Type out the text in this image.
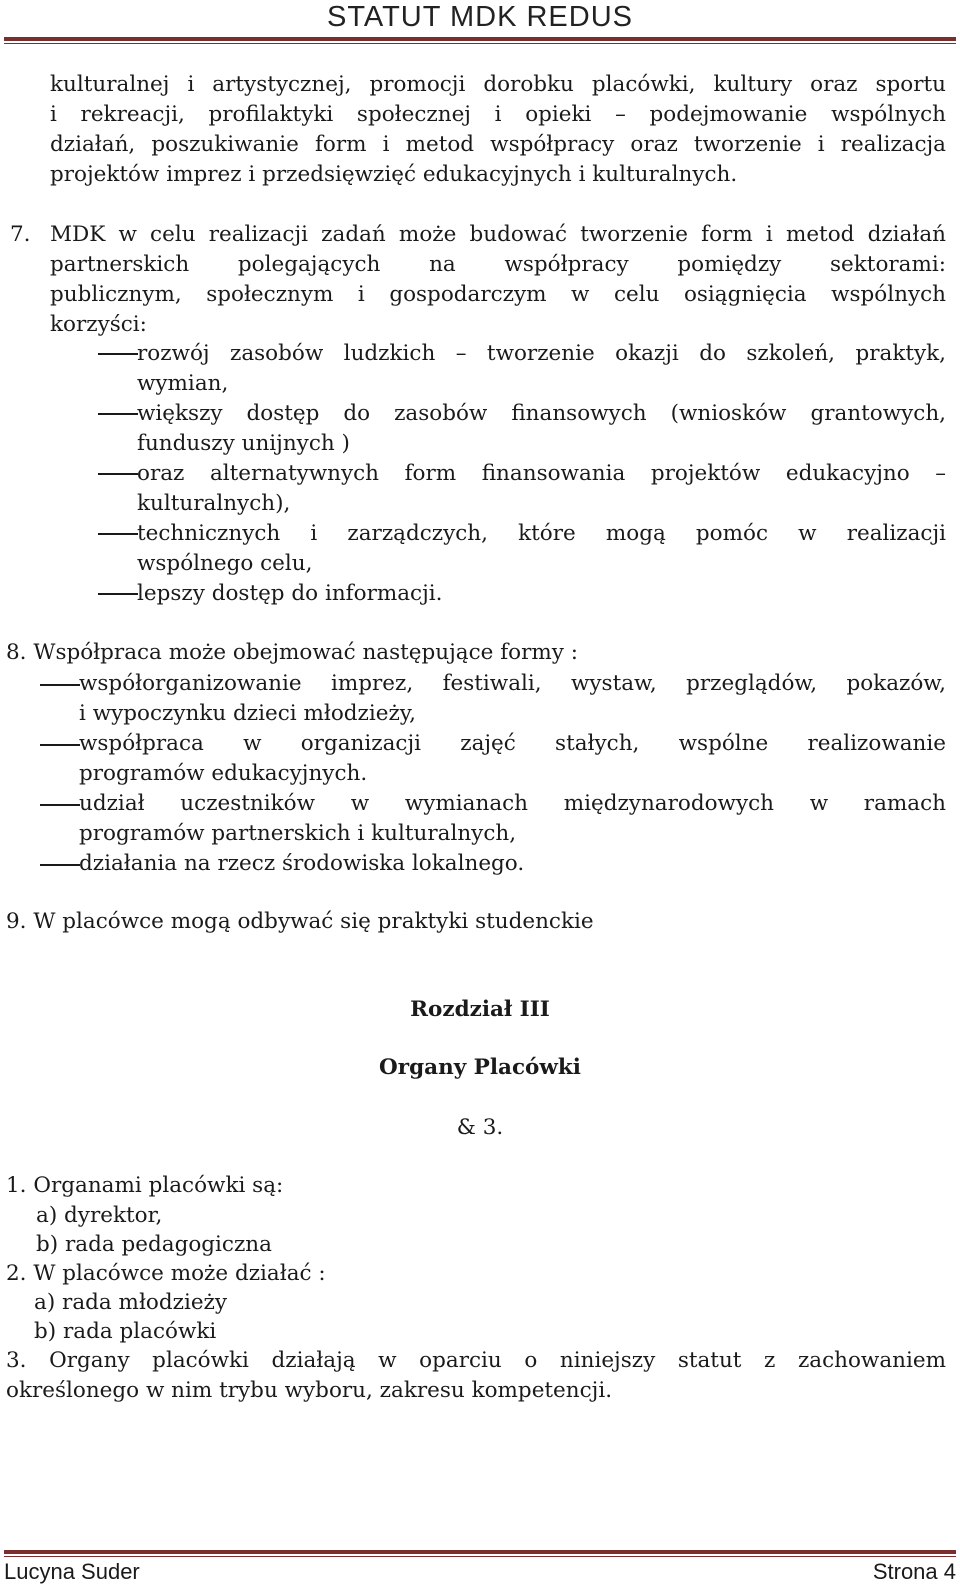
STATUT MDK REDUS
kulturalnej i artystycznej, promocji dorobku placówki, kultury oraz sportu
i rekreacji, profilaktyki społecznej i opieki – podejmowanie wspólnych
działań, poszukiwanie form i metod współpracy oraz tworzenie i realizacja
projektów imprez i przedsięwzięć edukacyjnych i kulturalnych.
7. MDK w celu realizacji zadań może budować tworzenie form i metod działań
partnerskich polegających na współpracy pomiędzy sektorami:
publicznym, społecznym i gospodarczym w celu osiągnięcia wspólnych
korzyści:
rozwój zasobów ludzkich – tworzenie okazji do szkoleń, praktyk,
wymian,
większy dostęp do zasobów finansowych (wniosków grantowych,
funduszy unijnych )
oraz alternatywnych form finansowania projektów edukacyjno –
kulturalnych),
technicznych i zarządczych, które mogą pomóc w realizacji
wspólnego celu,
lepszy dostęp do informacji.
8. Współpraca może obejmować następujące formy :
współorganizowanie imprez, festiwali, wystaw, przeglądów, pokazów,
i wypoczynku dzieci młodzieży,
współpraca w organizacji zajęć stałych, wspólne realizowanie
programów edukacyjnych.
udział uczestników w wymianach międzynarodowych w ramach
programów partnerskich i kulturalnych,
działania na rzecz środowiska lokalnego.
9. W placówce mogą odbywać się praktyki studenckie
Rozdział III
Organy Placówki
& 3.
1. Organami placówki są:
a) dyrektor,
b) rada pedagogiczna
2. W placówce może działać :
a) rada młodzieży
b) rada placówki
3. Organy placówki działają w oparciu o niniejszy statut z zachowaniem
określonego w nim trybu wyboru, zakresu kompetencji.
Lucyna Suder	Strona 4
